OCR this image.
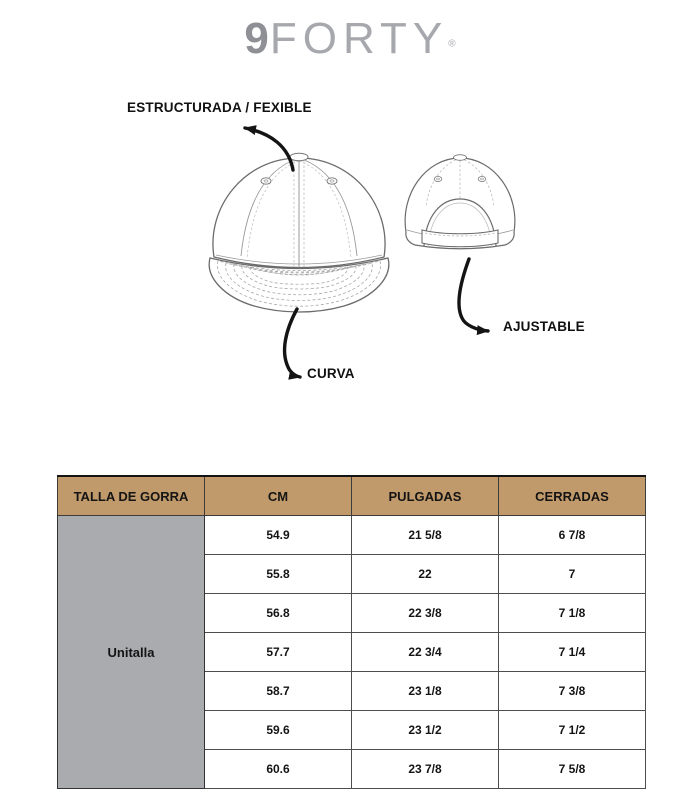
9FORTY®
ESTRUCTURADA / FEXIBLE
CURVA
AJUSTABLE
TALLA DE GORRA	CM	PULGADAS	CERRADAS
Unitalla	54.9	21 5/8	6 7/8
	55.8	22	7
	56.8	22 3/8	7 1/8
	57.7	22 3/4	7 1/4
	58.7	23 1/8	7 3/8
	59.6	23 1/2	7 1/2
	60.6	23 7/8	7 5/8
